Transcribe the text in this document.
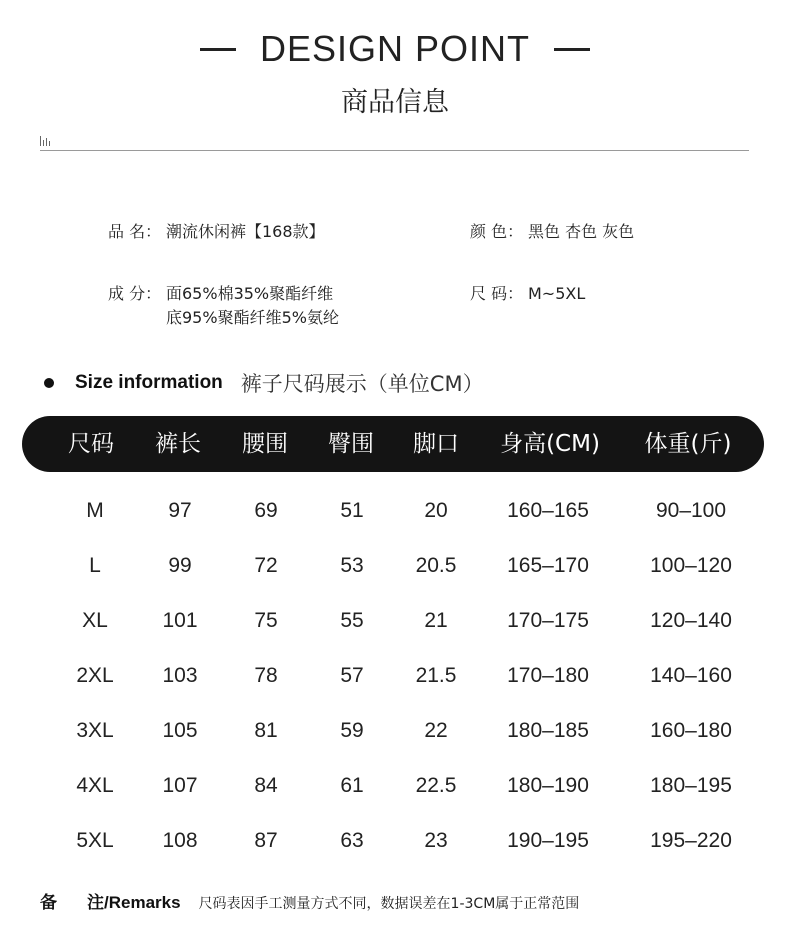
DESIGN POINT
商品信息
品 名： 潮流休闲裤【168款】	颜 色： 黑色 杏色 灰色
成 分： 面65%棉35%聚酯纤维
底95%聚酯纤维5%氨纶
尺 码： M~5XL
Size information 裤子尺码展示（单位CM）
尺码 裤长 腰围 臀围 脚口 身高(CM) 体重(斤)
M	97	69	51	20	160–165	90–100
L	99	72	53 20.5 165–170	100–120
XL	101	75	55	21	170–175	120–140
2XL 103	78	57 21.5 170–180	140–160
3XL 105	81	59	22	180–185	160–180
4XL 107	84	61 22.5 180–190	180–195
5XL 108	87	63	23	190–195	195–220
备 注/Remarks 尺码表因手工测量方式不同，数据误差在1-3CM属于正常范围
